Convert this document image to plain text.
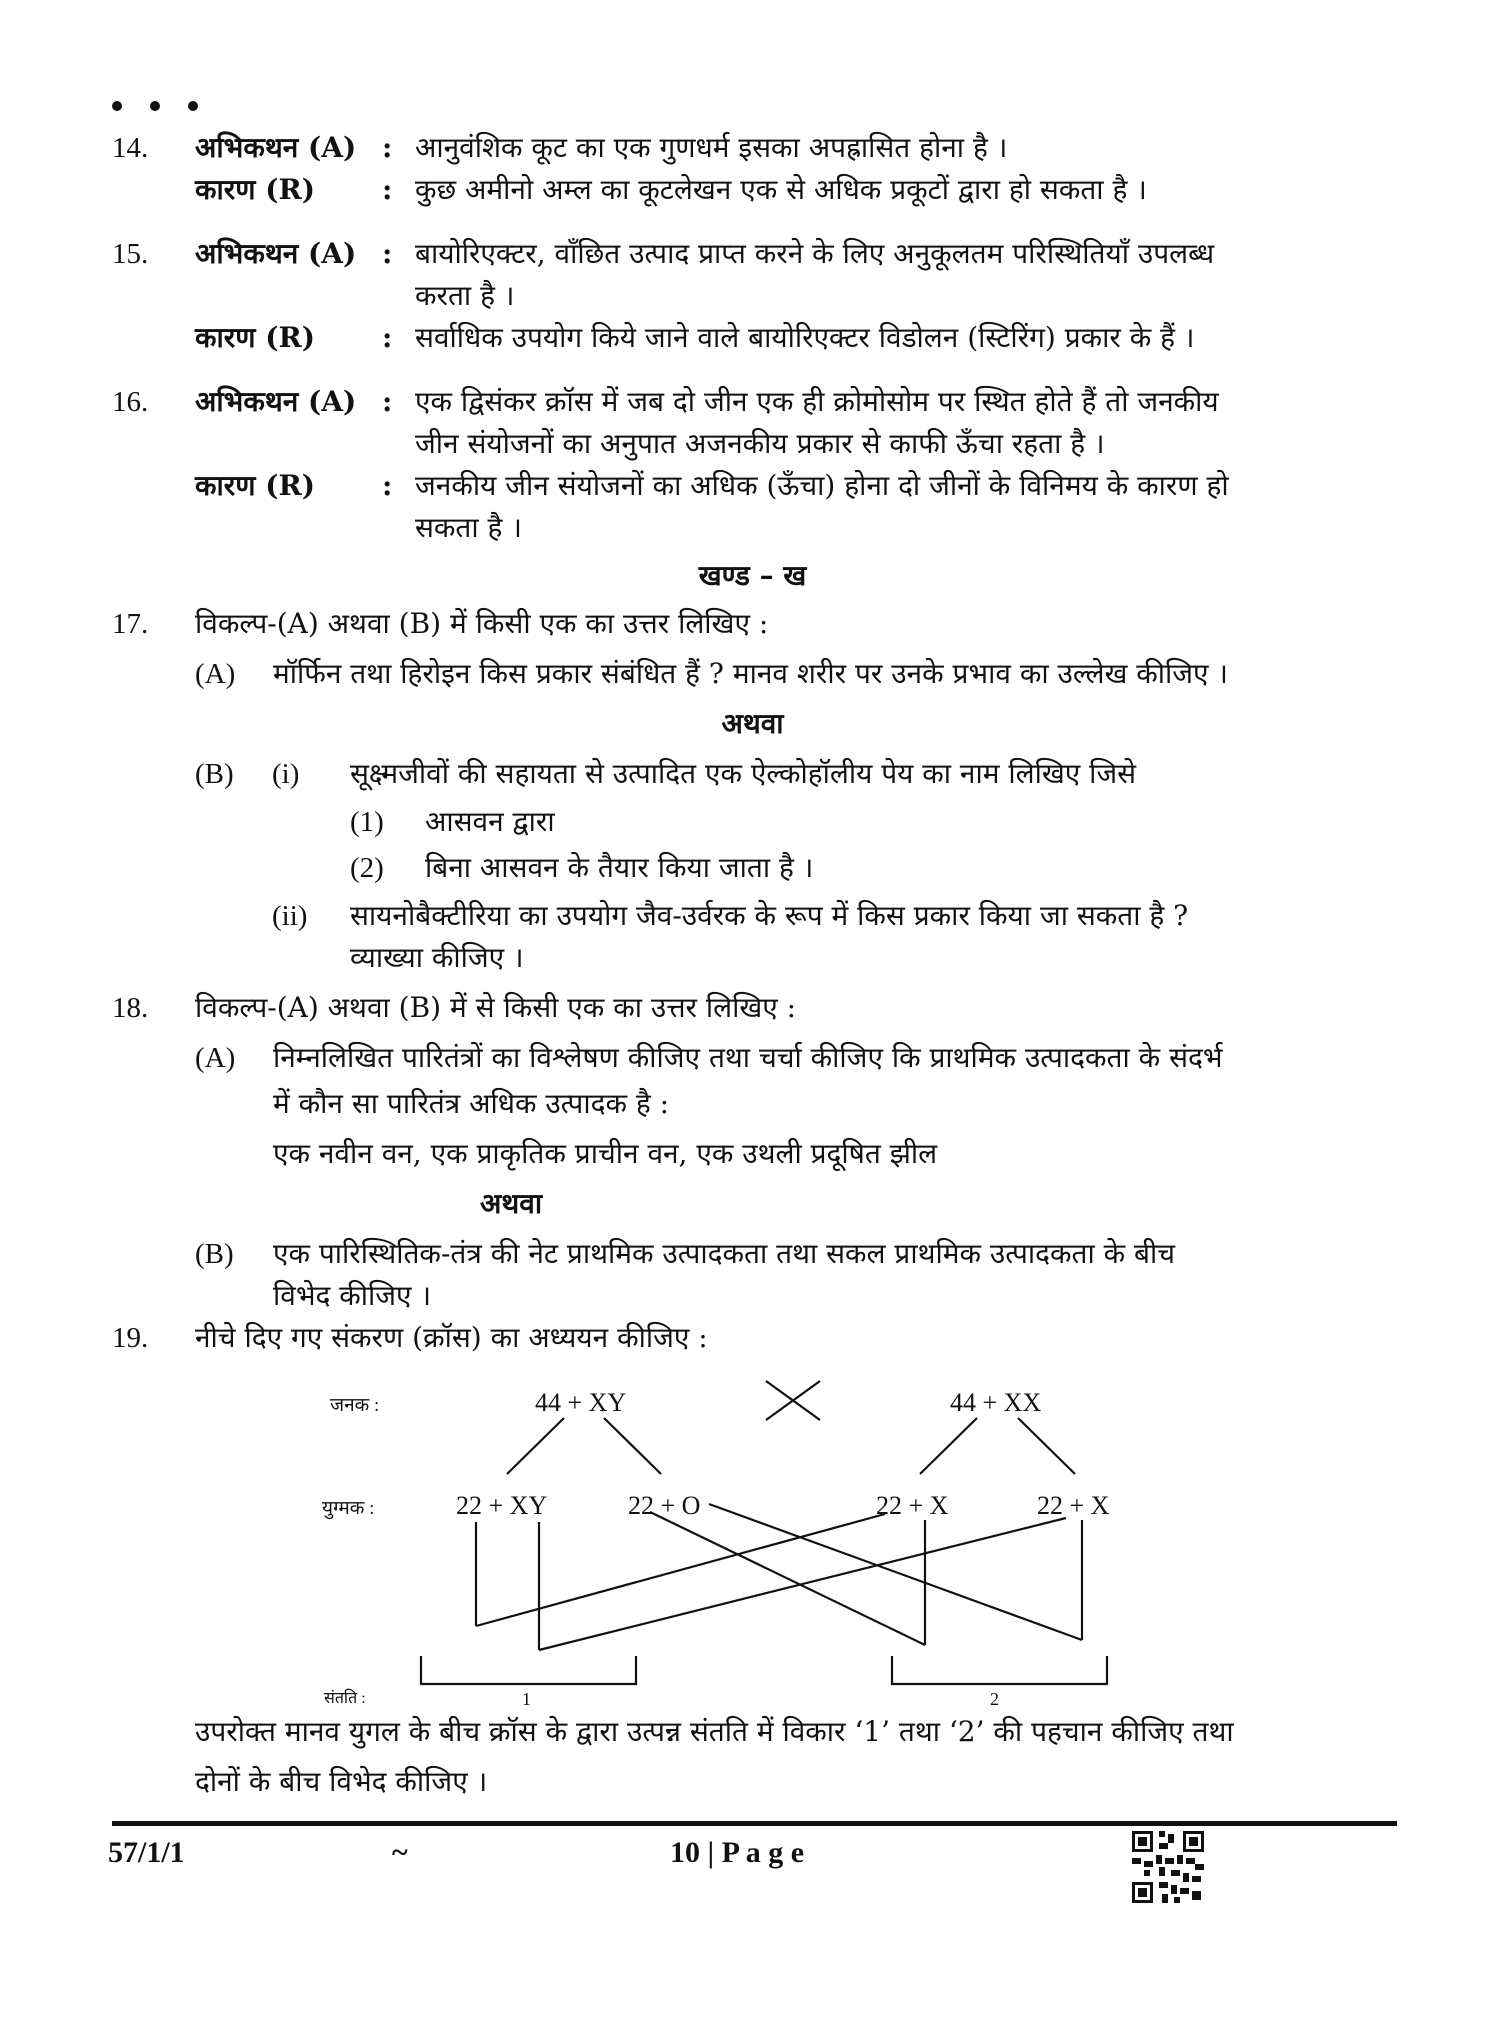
14. अभिकथन (A) : आनुवंशिक कूट का एक गुणधर्म इसका अपह्रासित होना है ।
कारण (R) : कुछ अमीनो अम्ल का कूटलेखन एक से अधिक प्रकूटों द्वारा हो सकता है ।
15. अभिकथन (A) : बायोरिएक्टर, वाँछित उत्पाद प्राप्त करने के लिए अनुकूलतम परिस्थितियाँ उपलब्ध
करता है ।
कारण (R) : सर्वाधिक उपयोग किये जाने वाले बायोरिएक्टर विडोलन (स्टिरिंग) प्रकार के हैं ।
16. अभिकथन (A) : एक द्विसंकर क्रॉस में जब दो जीन एक ही क्रोमोसोम पर स्थित होते हैं तो जनकीय
जीन संयोजनों का अनुपात अजनकीय प्रकार से काफी ऊँचा रहता है ।
कारण (R) : जनकीय जीन संयोजनों का अधिक (ऊँचा) होना दो जीनों के विनिमय के कारण हो
सकता है ।
खण्ड – ख
17. विकल्प-(A) अथवा (B) में किसी एक का उत्तर लिखिए :
(A) मॉर्फिन तथा हिरोइन किस प्रकार संबंधित हैं ? मानव शरीर पर उनके प्रभाव का उल्लेख कीजिए ।
अथवा
(B) (i) सूक्ष्मजीवों की सहायता से उत्पादित एक ऐल्कोहॉलीय पेय का नाम लिखिए जिसे
(1) आसवन द्वारा
(2) बिना आसवन के तैयार किया जाता है ।
(ii) सायनोबैक्टीरिया का उपयोग जैव-उर्वरक के रूप में किस प्रकार किया जा सकता है ?
व्याख्या कीजिए ।
18. विकल्प-(A) अथवा (B) में से किसी एक का उत्तर लिखिए :
(A) निम्नलिखित पारितंत्रों का विश्लेषण कीजिए तथा चर्चा कीजिए कि प्राथमिक उत्पादकता के संदर्भ
में कौन सा पारितंत्र अधिक उत्पादक है :
एक नवीन वन, एक प्राकृतिक प्राचीन वन, एक उथली प्रदूषित झील
अथवा
(B) एक पारिस्थितिक-तंत्र की नेट प्राथमिक उत्पादकता तथा सकल प्राथमिक उत्पादकता के बीच
विभेद कीजिए ।
19. नीचे दिए गए संकरण (क्रॉस) का अध्ययन कीजिए :
जनक :	44 + XY	44 + XX
युग्मक :	22 + XY	22 + O	22 + X	22 + X
संतति :	1	2
उपरोक्त मानव युगल के बीच क्रॉस के द्वारा उत्पन्न संतति में विकार ‘1’ तथा ‘2’ की पहचान कीजिए तथा
दोनों के बीच विभेद कीजिए ।
57/1/1	~	10 | P a g e
